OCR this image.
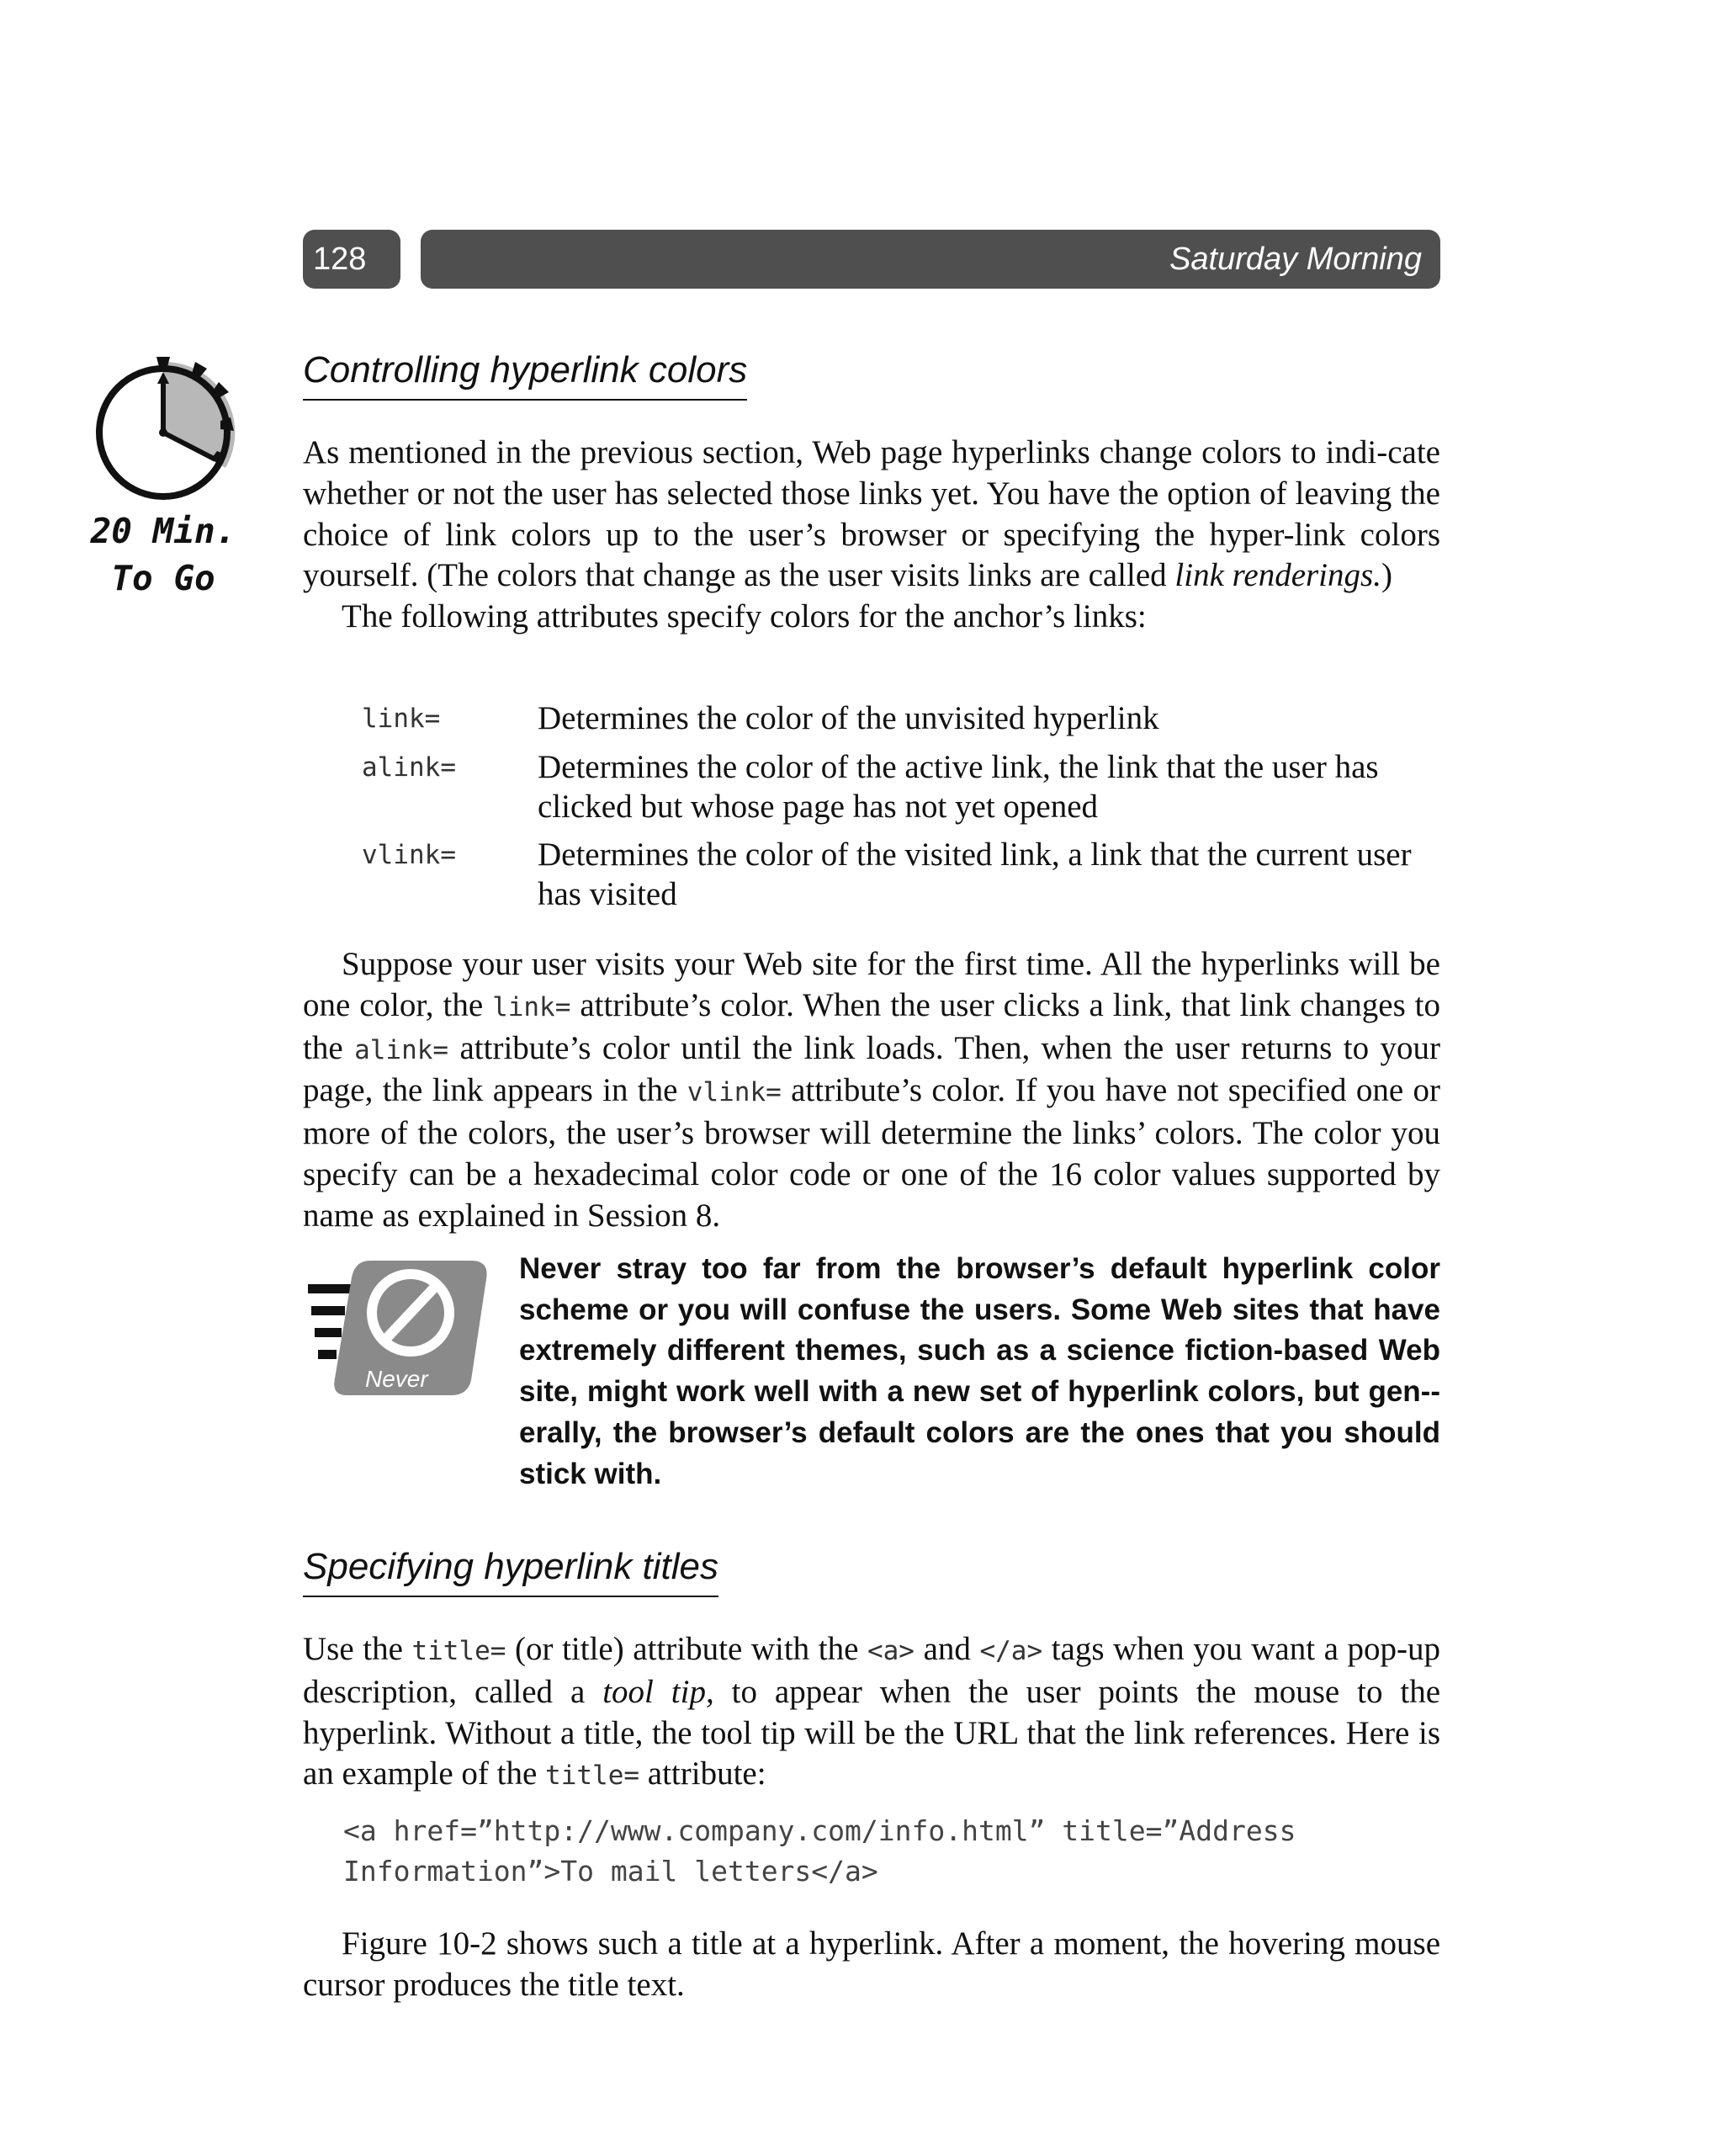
128	Saturday Morning
20 Min.
To Go
Controlling hyperlink colors

As mentioned in the previous section, Web page hyperlinks change colors to indi-cate whether or not the user has selected those links yet. You have the option of leaving the choice of link colors up to the user’s browser or specifying the hyper-link colors yourself. (The colors that change as the user visits links are called link renderings.)

The following attributes specify colors for the anchor’s links:

link=	Determines the color of the unvisited hyperlink
alink=	Determines the color of the active link, the link that the user has clicked but whose page has not yet opened
vlink=	Determines the color of the visited link, a link that the current user has visited

Suppose your user visits your Web site for the first time. All the hyperlinks will be one color, the link= attribute’s color. When the user clicks a link, that link changes to the alink= attribute’s color until the link loads. Then, when the user returns to your page, the link appears in the vlink= attribute’s color. If you have not specified one or more of the colors, the user’s browser will determine the links’ colors. The color you specify can be a hexadecimal color code or one of the 16 color values supported by name as explained in Session 8.

Never
Never stray too far from the browser’s default hyperlink color scheme or you will confuse the users. Some Web sites that have extremely different themes, such as a science fiction-based Web site, might work well with a new set of hyperlink colors, but gen-erally, the browser’s default colors are the ones that you should stick with.
Specifying hyperlink titles

Use the title= (or title) attribute with the <a> and </a> tags when you want a pop-up description, called a tool tip, to appear when the user points the mouse to the hyperlink. Without a title, the tool tip will be the URL that the link references. Here is an example of the title= attribute:

<a href=”http://www.company.com/info.html” title=”Address
Information”>To mail letters</a>

Figure 10-2 shows such a title at a hyperlink. After a moment, the hovering mouse cursor produces the title text.
